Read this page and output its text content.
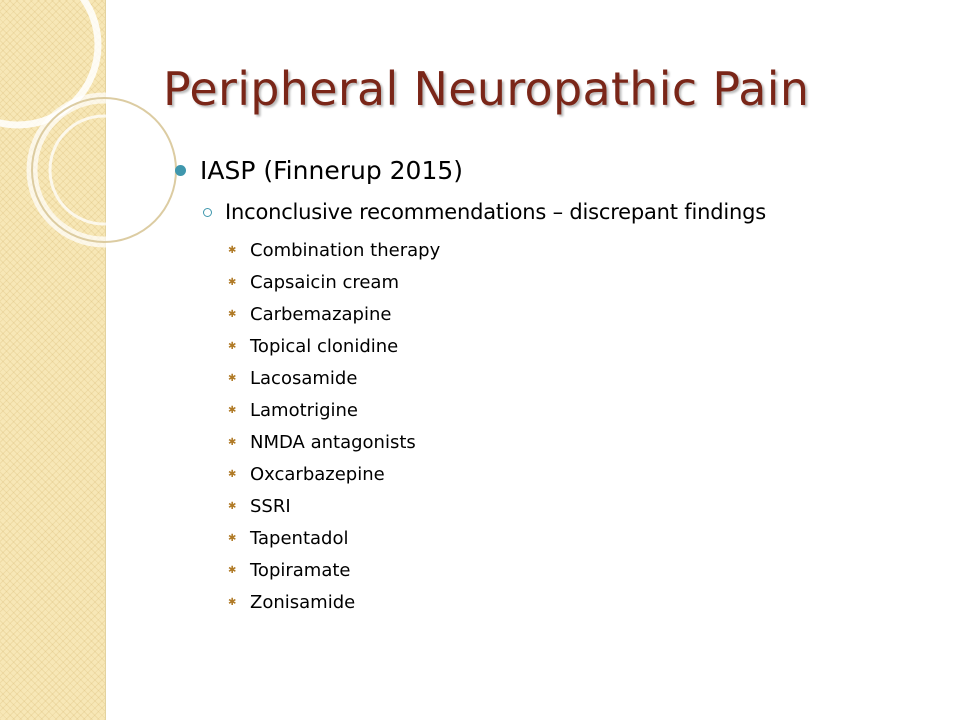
Peripheral Neuropathic Pain
IASP (Finnerup 2015)
Inconclusive recommendations – discrepant findings
✱ Combination therapy
✱ Capsaicin cream
✱ Carbemazapine
✱ Topical clonidine
✱ Lacosamide
✱ Lamotrigine
✱ NMDA antagonists
✱ Oxcarbazepine
✱ SSRI
✱ Tapentadol
✱ Topiramate
✱ Zonisamide
